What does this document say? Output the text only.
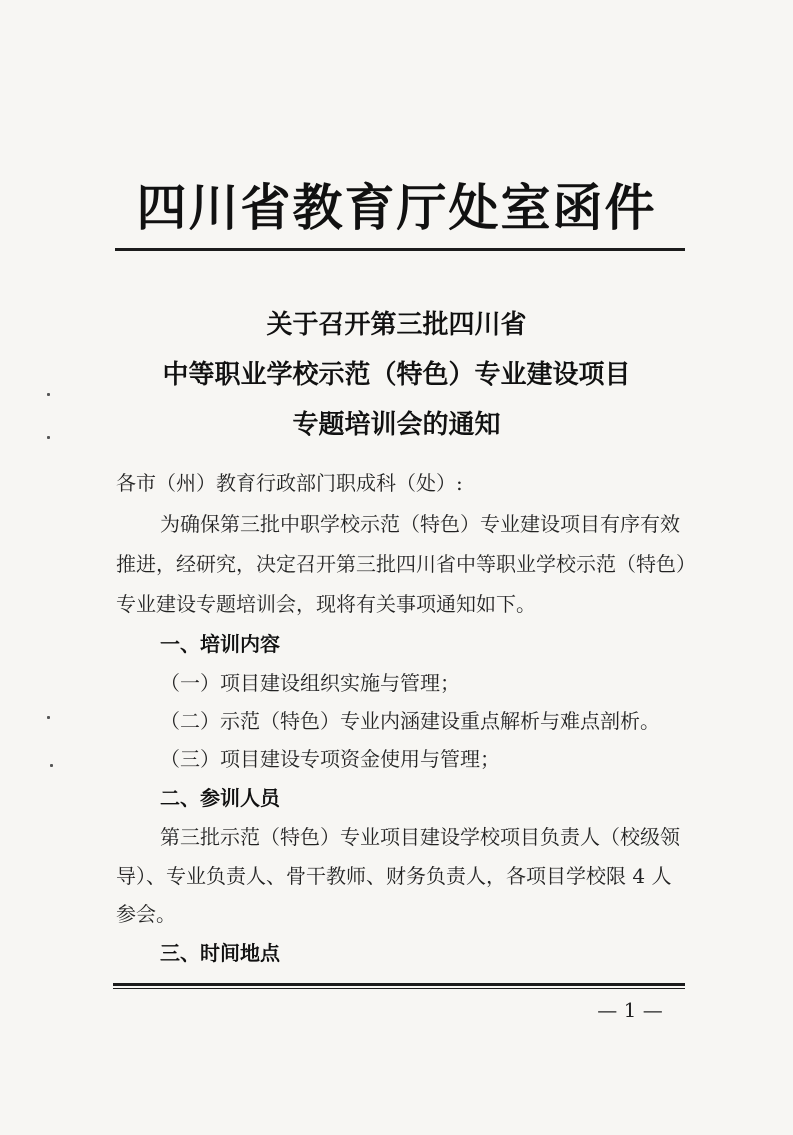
四川省教育厅处室函件
关于召开第三批四川省
中等职业学校示范（特色）专业建设项目
专题培训会的通知
各市（州）教育行政部门职成科（处）:
为确保第三批中职学校示范（特色）专业建设项目有序有效
推进，经研究，决定召开第三批四川省中等职业学校示范（特色）
专业建设专题培训会，现将有关事项通知如下。
一、培训内容
（一）项目建设组织实施与管理；
（二）示范（特色）专业内涵建设重点解析与难点剖析。
（三）项目建设专项资金使用与管理；
二、参训人员
第三批示范（特色）专业项目建设学校项目负责人（校级领
导）、专业负责人、骨干教师、财务负责人，各项目学校限 4 人
参会。
三、时间地点
— 1 —
